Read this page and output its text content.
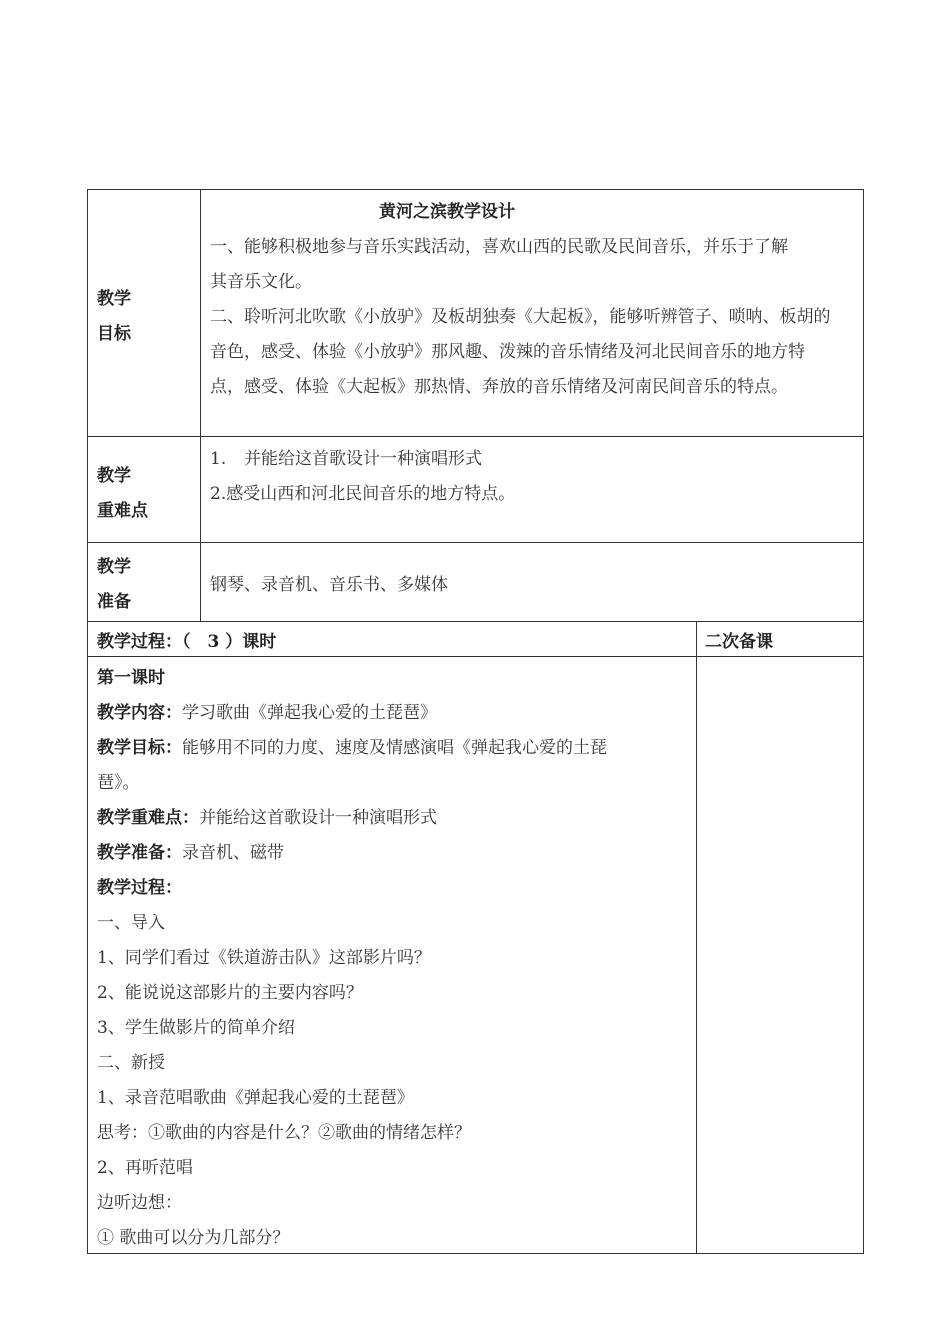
教学
目标
黄河之滨教学设计
一、能够积极地参与音乐实践活动，喜欢山西的民歌及民间音乐，并乐于了解
其音乐文化。
二、聆听河北吹歌《小放驴》及板胡独奏《大起板》，能够听辨管子、唢呐、板胡的
音色，感受、体验《小放驴》那风趣、泼辣的音乐情绪及河北民间音乐的地方特
点，感受、体验《大起板》那热情、奔放的音乐情绪及河南民间音乐的特点。
教学
重难点
1. 并能给这首歌设计一种演唱形式
2.感受山西和河北民间音乐的地方特点。
教学
准备
钢琴、录音机、音乐书、多媒体
教学过程：（　3 ）课时	二次备课
第一课时
教学内容：学习歌曲《弹起我心爱的土琵琶》
教学目标：能够用不同的力度、速度及情感演唱《弹起我心爱的土琵
琶》。
教学重难点：并能给这首歌设计一种演唱形式
教学准备：录音机、磁带
教学过程：
一、导入
1、同学们看过《铁道游击队》这部影片吗？
2、能说说这部影片的主要内容吗？
3、学生做影片的简单介绍
二、新授
1、录音范唱歌曲《弹起我心爱的土琵琶》
思考：①歌曲的内容是什么？②歌曲的情绪怎样？
2、再听范唱
边听边想：
① 歌曲可以分为几部分？
